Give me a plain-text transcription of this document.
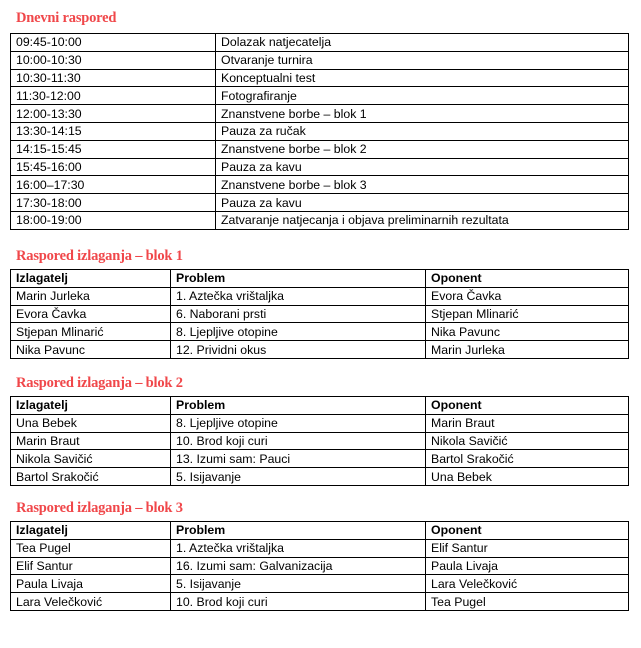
Dnevni raspored
09:45-10:00	Dolazak natjecatelja
10:00-10:30	Otvaranje turnira
10:30-11:30	Konceptualni test
11:30-12:00	Fotografiranje
12:00-13:30	Znanstvene borbe – blok 1
13:30-14:15	Pauza za ručak
14:15-15:45	Znanstvene borbe – blok 2
15:45-16:00	Pauza za kavu
16:00–17:30	Znanstvene borbe – blok 3
17:30-18:00	Pauza za kavu
18:00-19:00	Zatvaranje natjecanja i objava preliminarnih rezultata
Raspored izlaganja – blok 1
Izlagatelj	Problem	Oponent
Marin Jurleka	1. Aztečka vrištaljka	Evora Čavka
Evora Čavka	6. Naborani prsti	Stjepan Mlinarić
Stjepan Mlinarić	8. Ljepljive otopine	Nika Pavunc
Nika Pavunc	12. Prividni okus	Marin Jurleka
Raspored izlaganja – blok 2
Izlagatelj	Problem	Oponent
Una Bebek	8. Ljepljive otopine	Marin Braut
Marin Braut	10. Brod koji curi	Nikola Savičić
Nikola Savičić	13. Izumi sam: Pauci	Bartol Srakočić
Bartol Srakočić	5. Isijavanje	Una Bebek
Raspored izlaganja – blok 3
Izlagatelj	Problem	Oponent
Tea Pugel	1. Aztečka vrištaljka	Elif Santur
Elif Santur	16. Izumi sam: Galvanizacija	Paula Livaja
Paula Livaja	5. Isijavanje	Lara Velečković
Lara Velečković	10. Brod koji curi	Tea Pugel
